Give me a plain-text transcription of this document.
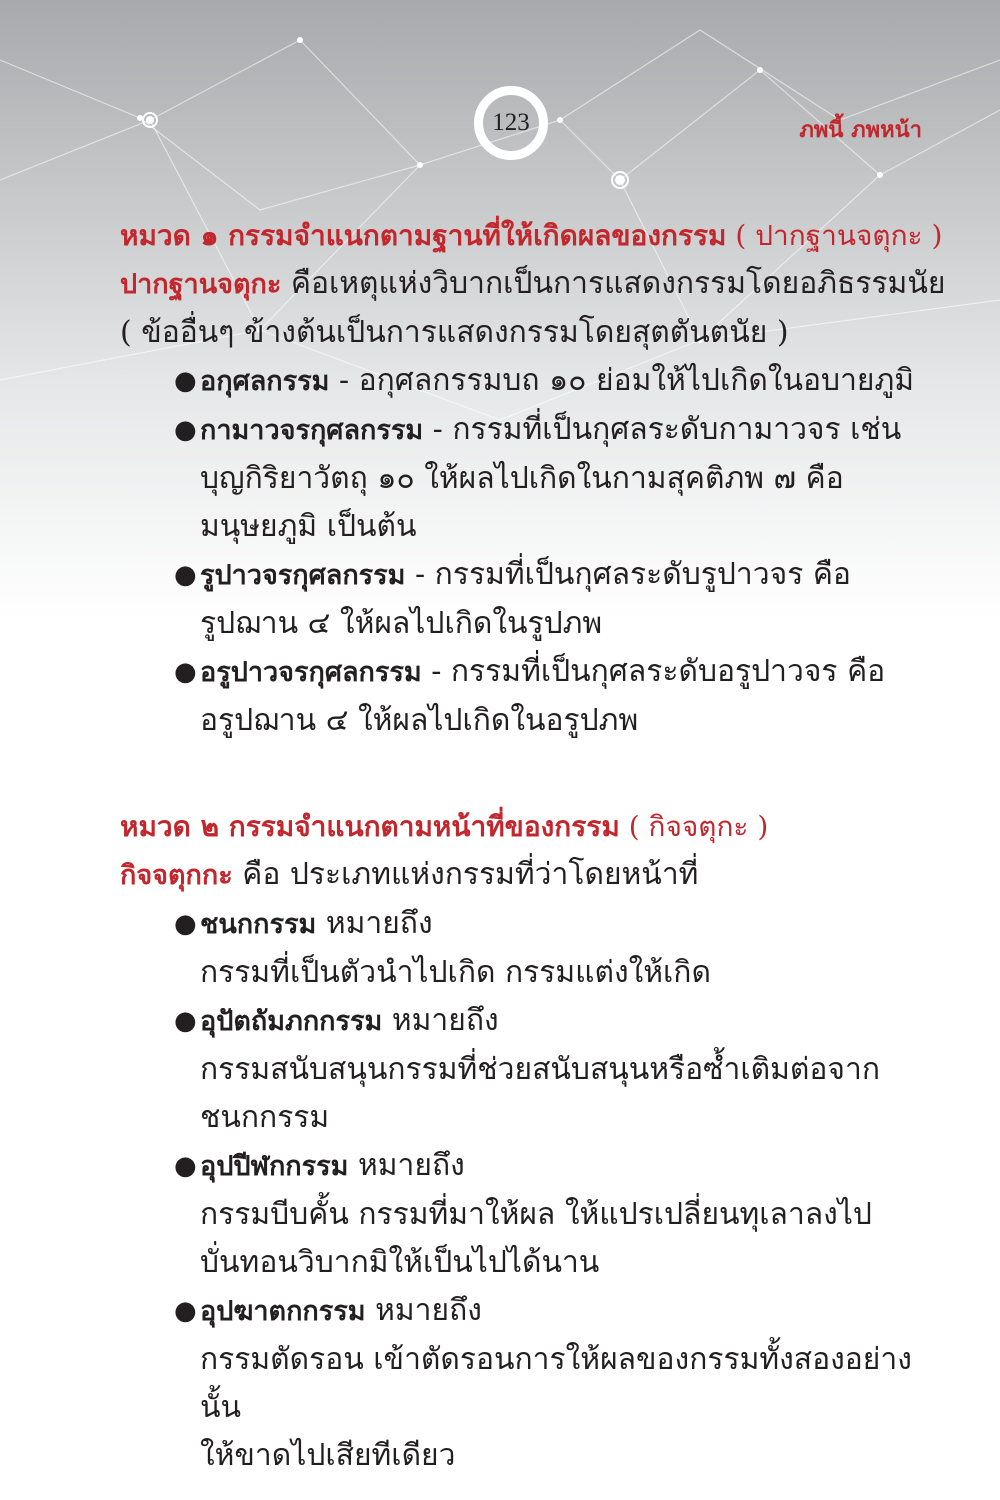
123	ภพนี้ ภพหน้า
หมวด ๑ กรรมจำแนกตามฐานที่ให้เกิดผลของกรรม ( ปากฐานจตุกะ )
ปากฐานจตุกะ คือเหตุแห่งวิบากเป็นการแสดงกรรมโดยอภิธรรมนัย
( ข้ออื่นๆ ข้างต้นเป็นการแสดงกรรมโดยสุตตันตนัย )
● อกุศลกรรม - อกุศลกรรมบถ ๑๐ ย่อมให้ไปเกิดในอบายภูมิ
● กามาวจรกุศลกรรม - กรรมที่เป็นกุศลระดับกามาวจร เช่น
บุญกิริยาวัตถุ ๑๐ ให้ผลไปเกิดในกามสุคติภพ ๗ คือ
มนุษยภูมิ เป็นต้น
● รูปาวจรกุศลกรรม - กรรมที่เป็นกุศลระดับรูปาวจร คือ
รูปฌาน ๔ ให้ผลไปเกิดในรูปภพ
● อรูปาวจรกุศลกรรม - กรรมที่เป็นกุศลระดับอรูปาวจร คือ
อรูปฌาน ๔ ให้ผลไปเกิดในอรูปภพ
หมวด ๒ กรรมจำแนกตามหน้าที่ของกรรม ( กิจจตุกะ )
กิจจตุกกะ คือ ประเภทแห่งกรรมที่ว่าโดยหน้าที่
● ชนกกรรม หมายถึง
กรรมที่เป็นตัวนำไปเกิด กรรมแต่งให้เกิด
● อุปัตถัมภกกรรม หมายถึง
กรรมสนับสนุนกรรมที่ช่วยสนับสนุนหรือซ้ำเติมต่อจาก
ชนกกรรม
● อุปปีฬกกรรม หมายถึง
กรรมบีบคั้น กรรมที่มาให้ผล ให้แปรเปลี่ยนทุเลาลงไป
บั่นทอนวิบากมิให้เป็นไปได้นาน
● อุปฆาตกกรรม หมายถึง
กรรมตัดรอน เข้าตัดรอนการให้ผลของกรรมทั้งสองอย่างนั้น
ให้ขาดไปเสียทีเดียว
